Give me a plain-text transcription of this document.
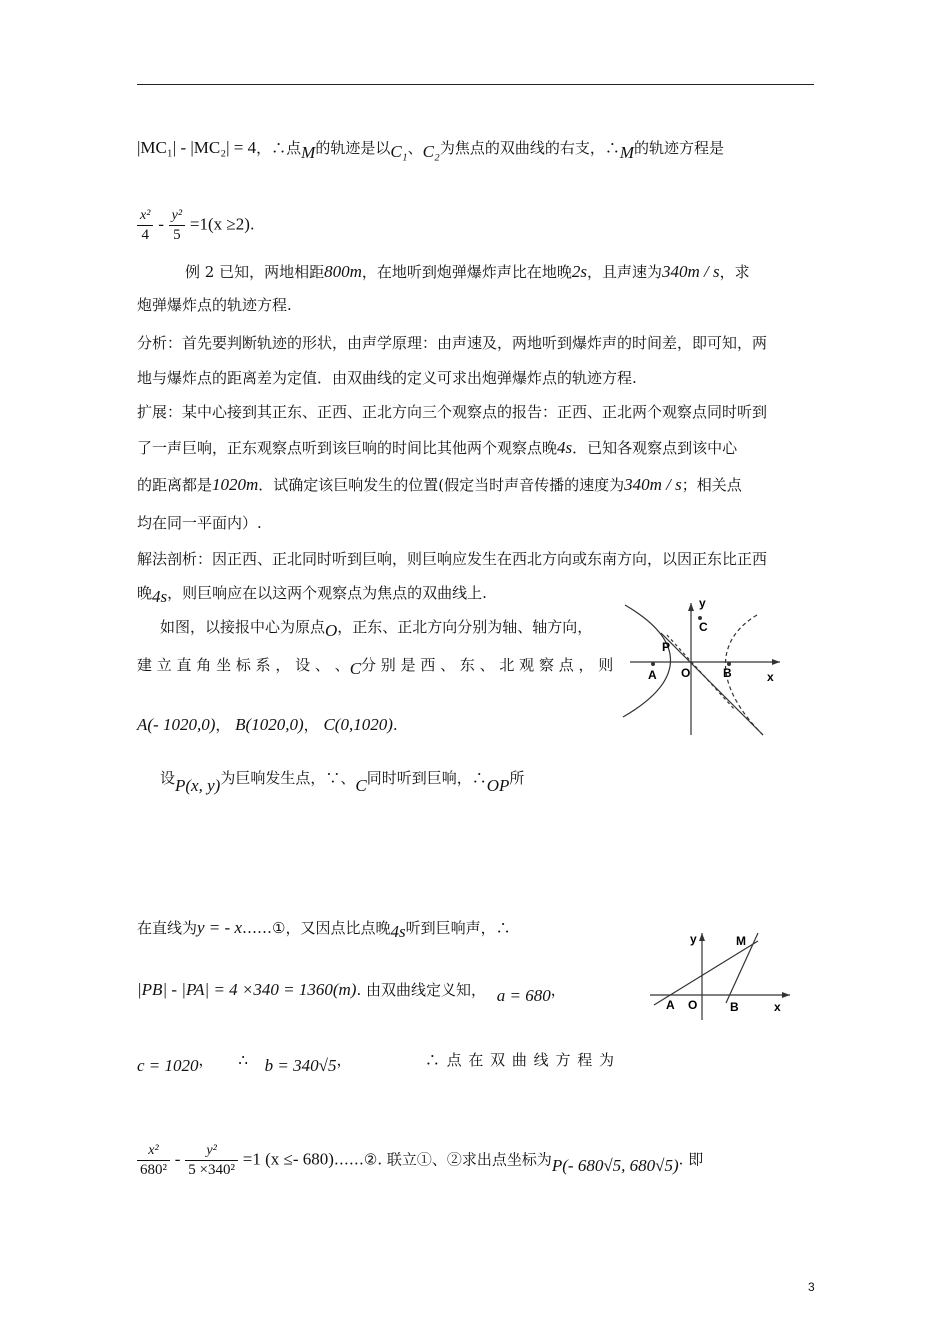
|MC₁| - |MC₂| = 4，∴点M的轨迹是以C₁、C₂为焦点的双曲线的右支，∴M的轨迹方程是
$\frac{\text{x²}}{4} - \frac{\text{y²}}{5} =1(x \ge 2)$.
例 2 已知，两地相距800m，在地听到炮弹爆炸声比在地晚2s，且声速为340m / s，求
炮弹爆炸点的轨迹方程.
分析：首先要判断轨迹的形状，由声学原理：由声速及，两地听到爆炸声的时间差，即可知，两
地与爆炸点的距离差为定值．由双曲线的定义可求出炮弹爆炸点的轨迹方程.
扩展：某中心接到其正东、正西、正北方向三个观察点的报告：正西、正北两个观察点同时听到
了一声巨响，正东观察点听到该巨响的时间比其他两个观察点晚4s．已知各观察点到该中心
的距离都是1020m．试确定该巨响发生的位置(假定当时声音传播的速度为340m / s；相关点
均在同一平面内）.
解法剖析：因正西、正北同时听到巨响，则巨响应发生在西北方向或东南方向，以因正东比正西
晚4s，则巨响应在以这两个观察点为焦点的双曲线上.
如图，以接报中心为原点O，正东、正北方向分别为轴、轴方向，
建 立 直 角 坐 标 系 ， 设 、 、C分 别 是 西 、 东 、 北 观 察 点 ， 则
A(- 1020,0)， B(1020,0)， C(0,1020).
设P(x, y)为巨响发生点，∵、C同时听到巨响，∴OP所
在直线为y = - x……①，又因点比点晚4s听到巨响声，∴
|PB| - |PA| = 4 ×340 = 1360(m). 由双曲线定义知， a = 680，
c = 1020， ∴ b = 340√5，	∴ 点 在 双 曲 线 方 程 为
$\frac{\text{x²}}{\text{680²}} - \frac{\text{y²}}{\text{5 ×340²}} =1$ (x ≤- 680)……②. 联立①、②求出点坐标为P(- 680√5, 680√5). 即
y
C
P
A O	B	x
y	M
A O	B	x
3
